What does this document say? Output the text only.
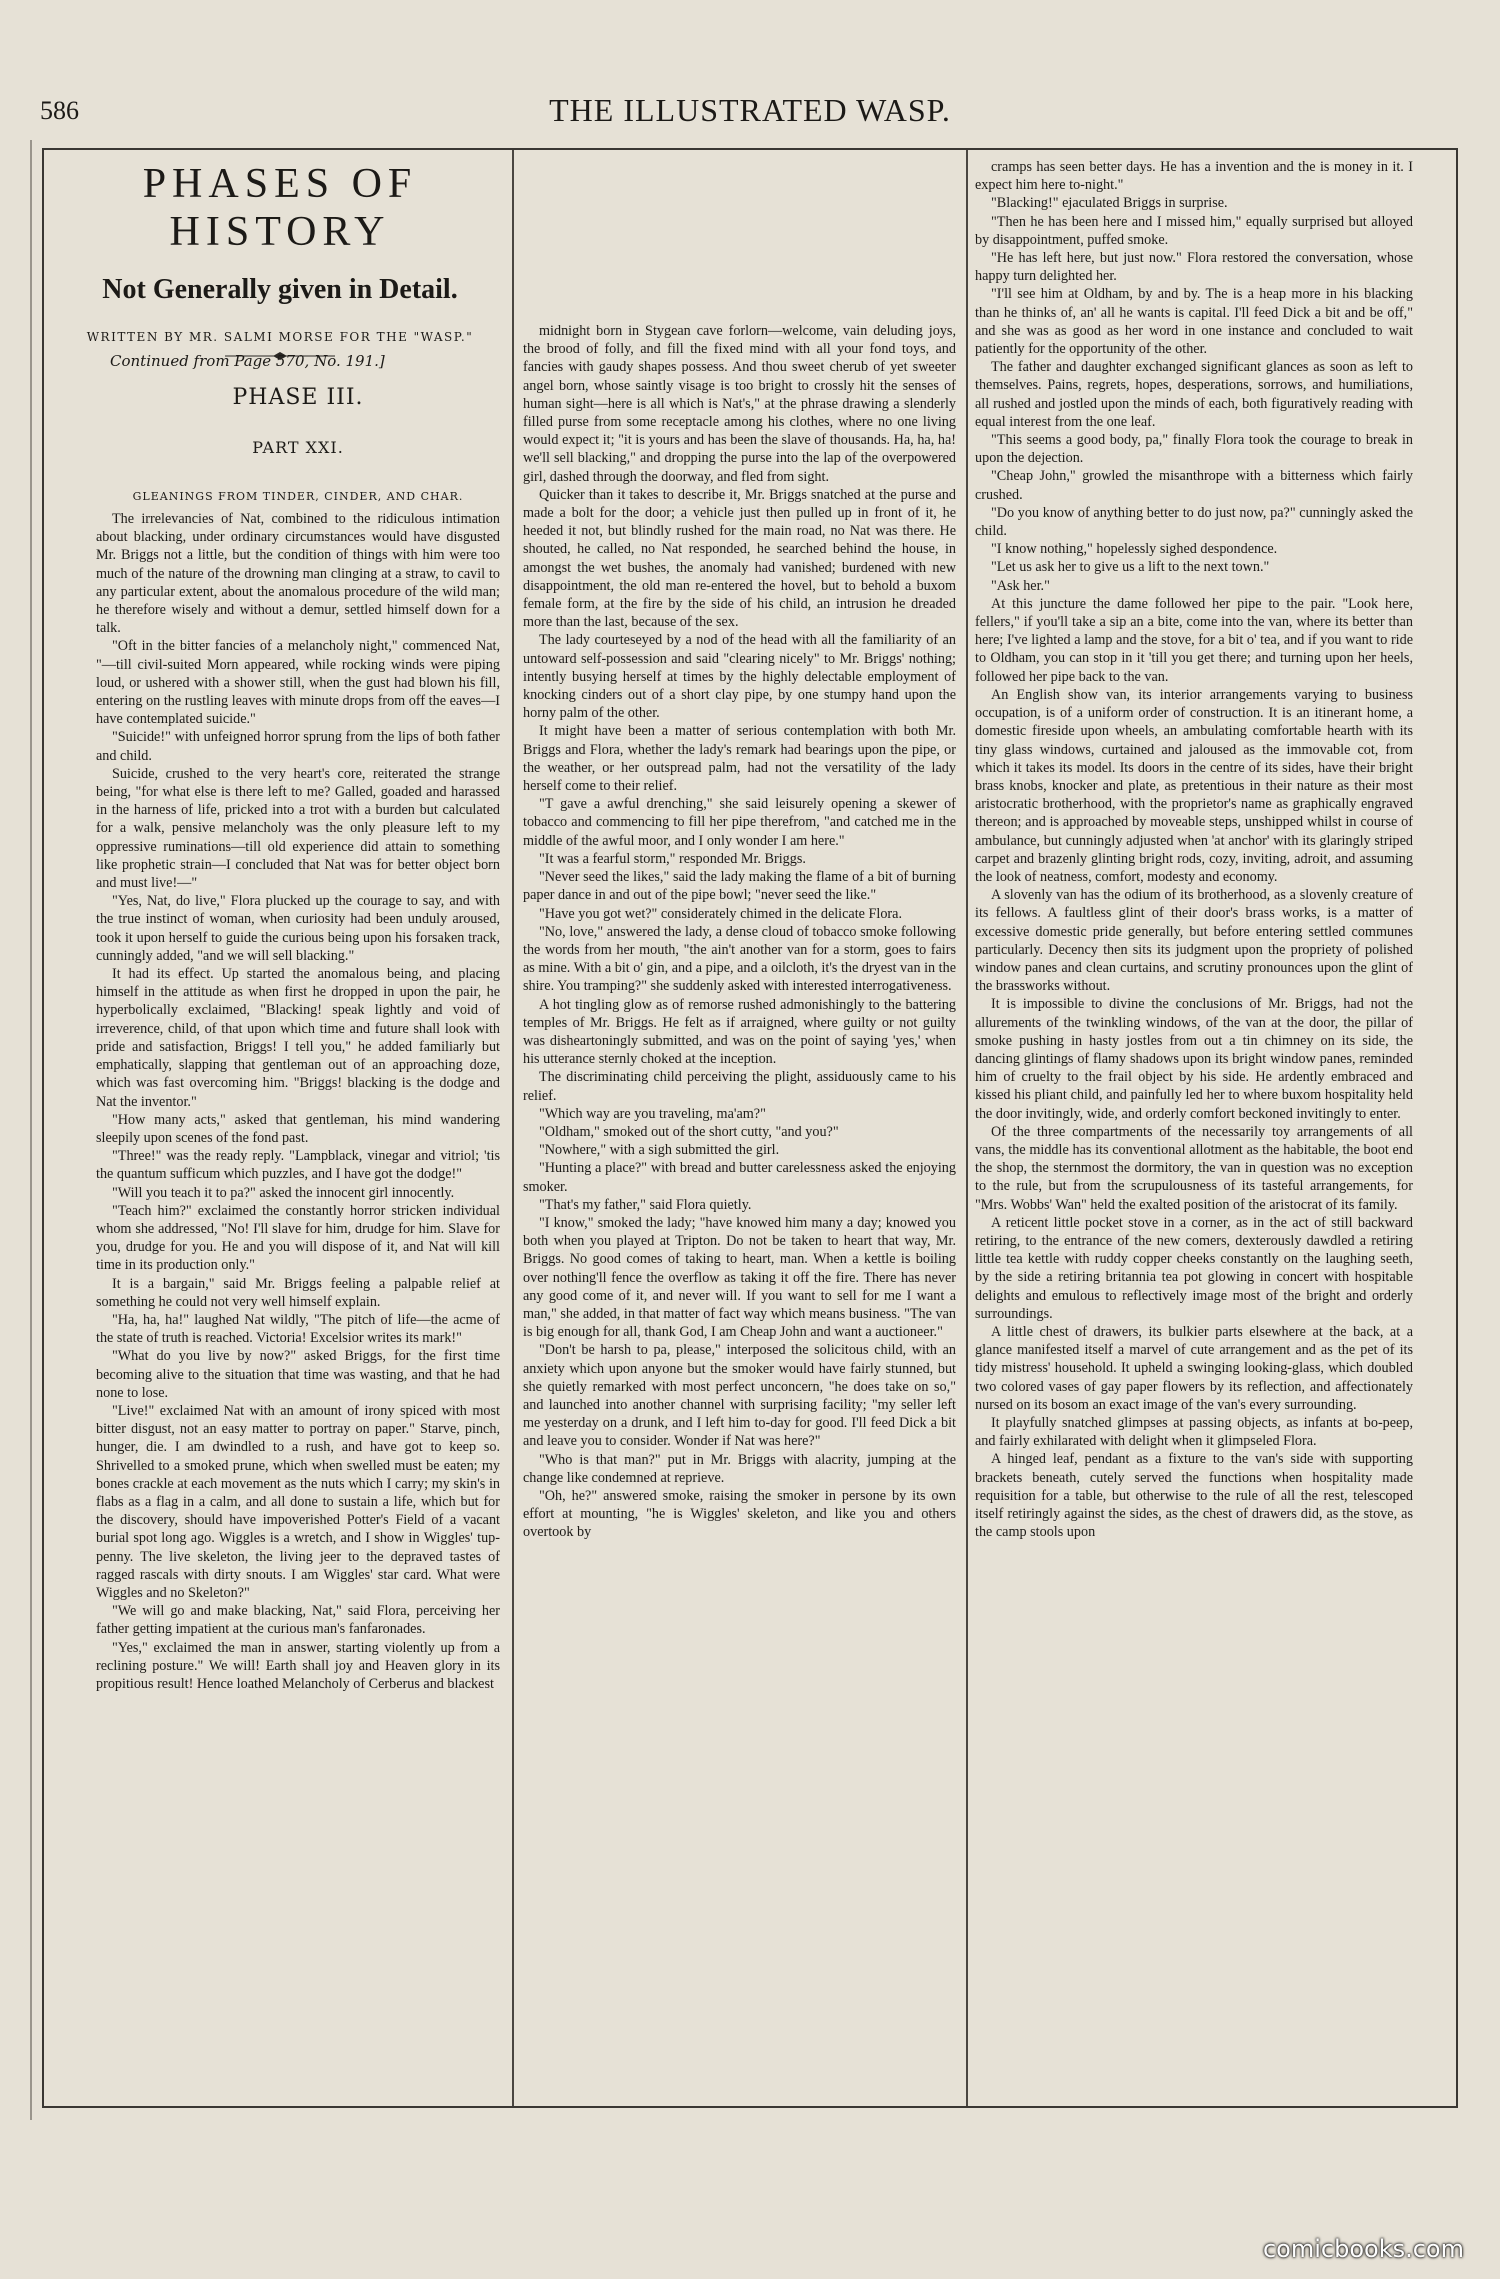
586	THE ILLUSTRATED WASP.
PHASES OF HISTORY
Not Generally given in Detail.
WRITTEN BY MR. SALMI MORSE FOR THE "WASP."
Continued from Page 570, No. 191.]
PHASE III.
PART XXI.
GLEANINGS FROM TINDER, CINDER, AND CHAR.

The irrelevancies of Nat, combined to the ridiculous intimation about blacking, under ordinary circumstances would have disgusted Mr. Briggs not a little, but the condition of things with him were too much of the nature of the drowning man clinging at a straw, to cavil to any particular extent, about the anomalous procedure of the wild man; he therefore wisely and without a demur, settled himself down for a talk.

"Oft in the bitter fancies of a melancholy night," commenced Nat, "—till civil-suited Morn appeared, while rocking winds were piping loud, or ushered with a shower still, when the gust had blown his fill, entering on the rustling leaves with minute drops from off the eaves—I have contemplated suicide."

"Suicide!" with unfeigned horror sprung from the lips of both father and child.

Suicide, crushed to the very heart's core, reiterated the strange being, "for what else is there left to me? Galled, goaded and harassed in the harness of life, pricked into a trot with a burden but calculated for a walk, pensive melancholy was the only pleasure left to my oppressive ruminations—till old experience did attain to something like prophetic strain—I concluded that Nat was for better object born and must live!—"

"Yes, Nat, do live," Flora plucked up the courage to say, and with the true instinct of woman, when curiosity had been unduly aroused, took it upon herself to guide the curious being upon his forsaken track, cunningly added, "and we will sell blacking."

It had its effect. Up started the anomalous being, and placing himself in the attitude as when first he dropped in upon the pair, he hyperbolically exclaimed, "Blacking! speak lightly and void of irreverence, child, of that upon which time and future shall look with pride and satisfaction, Briggs! I tell you," he added familiarly but emphatically, slapping that gentleman out of an approaching doze, which was fast overcoming him. "Briggs! blacking is the dodge and Nat the inventor."

"How many acts," asked that gentleman, his mind wandering sleepily upon scenes of the fond past.

"Three!" was the ready reply. "Lampblack, vinegar and vitriol; 'tis the quantum sufficum which puzzles, and I have got the dodge!"

"Will you teach it to pa?" asked the innocent girl innocently.

"Teach him?" exclaimed the constantly horror stricken individual whom she addressed, "No! I'll slave for him, drudge for him. Slave for you, drudge for you. He and you will dispose of it, and Nat will kill time in its production only."

It is a bargain," said Mr. Briggs feeling a palpable relief at something he could not very well himself explain.

"Ha, ha, ha!" laughed Nat wildly, "The pitch of life—the acme of the state of truth is reached. Victoria! Excelsior writes its mark!"

"What do you live by now?" asked Briggs, for the first time becoming alive to the situation that time was wasting, and that he had none to lose.

"Live!" exclaimed Nat with an amount of irony spiced with most bitter disgust, not an easy matter to portray on paper." Starve, pinch, hunger, die. I am dwindled to a rush, and have got to keep so. Shrivelled to a smoked prune, which when swelled must be eaten; my bones crackle at each movement as the nuts which I carry; my skin's in flabs as a flag in a calm, and all done to sustain a life, which but for the discovery, should have impoverished Potter's Field of a vacant burial spot long ago. Wiggles is a wretch, and I show in Wiggles' tup-penny. The live skeleton, the living jeer to the depraved tastes of ragged rascals with dirty snouts. I am Wiggles' star card. What were Wiggles and no Skeleton?"

"We will go and make blacking, Nat," said Flora, perceiving her father getting impatient at the curious man's fanfaronades.

"Yes," exclaimed the man in answer, starting violently up from a reclining posture." We will! Earth shall joy and Heaven glory in its propitious result! Hence loathed Melancholy of Cerberus and blackest

midnight born in Stygean cave forlorn—welcome, vain deluding joys, the brood of folly, and fill the fixed mind with all your fond toys, and fancies with gaudy shapes possess. And thou sweet cherub of yet sweeter angel born, whose saintly visage is too bright to crossly hit the senses of human sight—here is all which is Nat's," at the phrase drawing a slenderly filled purse from some receptacle among his clothes, where no one living would expect it; "it is yours and has been the slave of thousands. Ha, ha, ha! we'll sell blacking," and dropping the purse into the lap of the overpowered girl, dashed through the doorway, and fled from sight.

Quicker than it takes to describe it, Mr. Briggs snatched at the purse and made a bolt for the door; a vehicle just then pulled up in front of it, he heeded it not, but blindly rushed for the main road, no Nat was there. He shouted, he called, no Nat responded, he searched behind the house, in amongst the wet bushes, the anomaly had vanished; burdened with new disappointment, the old man re-entered the hovel, but to behold a buxom female form, at the fire by the side of his child, an intrusion he dreaded more than the last, because of the sex.

The lady courteseyed by a nod of the head with all the familiarity of an untoward self-possession and said "clearing nicely" to Mr. Briggs' nothing; intently busying herself at times by the highly delectable employment of knocking cinders out of a short clay pipe, by one stumpy hand upon the horny palm of the other.

It might have been a matter of serious contemplation with both Mr. Briggs and Flora, whether the lady's remark had bearings upon the pipe, or the weather, or her outspread palm, had not the versatility of the lady herself come to their relief.

"T gave a awful drenching," she said leisurely opening a skewer of tobacco and commencing to fill her pipe therefrom, "and catched me in the middle of the awful moor, and I only wonder I am here."

"It was a fearful storm," responded Mr. Briggs.

"Never seed the likes," said the lady making the flame of a bit of burning paper dance in and out of the pipe bowl; "never seed the like."

"Have you got wet?" considerately chimed in the delicate Flora.

"No, love," answered the lady, a dense cloud of tobacco smoke following the words from her mouth, "the ain't another van for a storm, goes to fairs as mine. With a bit o' gin, and a pipe, and a oilcloth, it's the dryest van in the shire. You tramping?" she suddenly asked with interested interrogativeness.

A hot tingling glow as of remorse rushed admonishingly to the battering temples of Mr. Briggs. He felt as if arraigned, where guilty or not guilty was disheartoningly submitted, and was on the point of saying 'yes,' when his utterance sternly choked at the inception.

The discriminating child perceiving the plight, assiduously came to his relief.

"Which way are you traveling, ma'am?"

"Oldham," smoked out of the short cutty, "and you?"

"Nowhere," with a sigh submitted the girl.

"Hunting a place?" with bread and butter carelessness asked the enjoying smoker.

"That's my father," said Flora quietly.

"I know," smoked the lady; "have knowed him many a day; knowed you both when you played at Tripton. Do not be taken to heart that way, Mr. Briggs. No good comes of taking to heart, man. When a kettle is boiling over nothing'll fence the overflow as taking it off the fire. There has never any good come of it, and never will. If you want to sell for me I want a man," she added, in that matter of fact way which means business. "The van is big enough for all, thank God, I am Cheap John and want a auctioneer."

"Don't be harsh to pa, please," interposed the solicitous child, with an anxiety which upon anyone but the smoker would have fairly stunned, but she quietly remarked with most perfect unconcern, "he does take on so," and launched into another channel with surprising facility; "my seller left me yesterday on a drunk, and I left him to-day for good. I'll feed Dick a bit and leave you to consider. Wonder if Nat was here?"

"Who is that man?" put in Mr. Briggs with alacrity, jumping at the change like condemned at reprieve.

"Oh, he?" answered smoke, raising the smoker in persone by its own effort at mounting, "he is Wiggles' skeleton, and like you and others overtook by

cramps has seen better days. He has a invention and the is money in it. I expect him here to-night."

"Blacking!" ejaculated Briggs in surprise.

"Then he has been here and I missed him," equally surprised but alloyed by disappointment, puffed smoke.

"He has left here, but just now." Flora restored the conversation, whose happy turn delighted her.

"I'll see him at Oldham, by and by. The is a heap more in his blacking than he thinks of, an' all he wants is capital. I'll feed Dick a bit and be off," and she was as good as her word in one instance and concluded to wait patiently for the opportunity of the other.

The father and daughter exchanged significant glances as soon as left to themselves. Pains, regrets, hopes, desperations, sorrows, and humiliations, all rushed and jostled upon the minds of each, both figuratively reading with equal interest from the one leaf.

"This seems a good body, pa," finally Flora took the courage to break in upon the dejection.

"Cheap John," growled the misanthrope with a bitterness which fairly crushed.

"Do you know of anything better to do just now, pa?" cunningly asked the child.

"I know nothing," hopelessly sighed despondence.

"Let us ask her to give us a lift to the next town."

"Ask her."

At this juncture the dame followed her pipe to the pair. "Look here, fellers," if you'll take a sip an a bite, come into the van, where its better than here; I've lighted a lamp and the stove, for a bit o' tea, and if you want to ride to Oldham, you can stop in it 'till you get there; and turning upon her heels, followed her pipe back to the van.

An English show van, its interior arrangements varying to business occupation, is of a uniform order of construction. It is an itinerant home, a domestic fireside upon wheels, an ambulating comfortable hearth with its tiny glass windows, curtained and jaloused as the immovable cot, from which it takes its model. Its doors in the centre of its sides, have their bright brass knobs, knocker and plate, as pretentious in their nature as their most aristocratic brotherhood, with the proprietor's name as graphically engraved thereon; and is approached by moveable steps, unshipped whilst in course of ambulance, but cunningly adjusted when 'at anchor' with its glaringly striped carpet and brazenly glinting bright rods, cozy, inviting, adroit, and assuming the look of neatness, comfort, modesty and economy.

A slovenly van has the odium of its brotherhood, as a slovenly creature of its fellows. A faultless glint of their door's brass works, is a matter of excessive domestic pride generally, but before entering settled communes particularly. Decency then sits its judgment upon the propriety of polished window panes and clean curtains, and scrutiny pronounces upon the glint of the brassworks without.

It is impossible to divine the conclusions of Mr. Briggs, had not the allurements of the twinkling windows, of the van at the door, the pillar of smoke pushing in hasty jostles from out a tin chimney on its side, the dancing glintings of flamy shadows upon its bright window panes, reminded him of cruelty to the frail object by his side. He ardently embraced and kissed his pliant child, and painfully led her to where buxom hospitality held the door invitingly, wide, and orderly comfort beckoned invitingly to enter.

Of the three compartments of the necessarily toy arrangements of all vans, the middle has its conventional allotment as the habitable, the boot end the shop, the sternmost the dormitory, the van in question was no exception to the rule, but from the scrupulousness of its tasteful arrangements, for "Mrs. Wobbs' Wan" held the exalted position of the aristocrat of its family.

A reticent little pocket stove in a corner, as in the act of still backward retiring, to the entrance of the new comers, dexterously dawdled a retiring little tea kettle with ruddy copper cheeks constantly on the laughing seeth, by the side a retiring britannia tea pot glowing in concert with hospitable delights and emulous to reflectively image most of the bright and orderly surroundings.

A little chest of drawers, its bulkier parts elsewhere at the back, at a glance manifested itself a marvel of cute arrangement and as the pet of its tidy mistress' household. It upheld a swinging looking-glass, which doubled two colored vases of gay paper flowers by its reflection, and affectionately nursed on its bosom an exact image of the van's every surrounding.

It playfully snatched glimpses at passing objects, as infants at bo-peep, and fairly exhilarated with delight when it glimpseled Flora.

A hinged leaf, pendant as a fixture to the van's side with supporting brackets beneath, cutely served the functions when hospitality made requisition for a table, but otherwise to the rule of all the rest, telescoped itself retiringly against the sides, as the chest of drawers did, as the stove, as the camp stools upon

comicbooks.com
